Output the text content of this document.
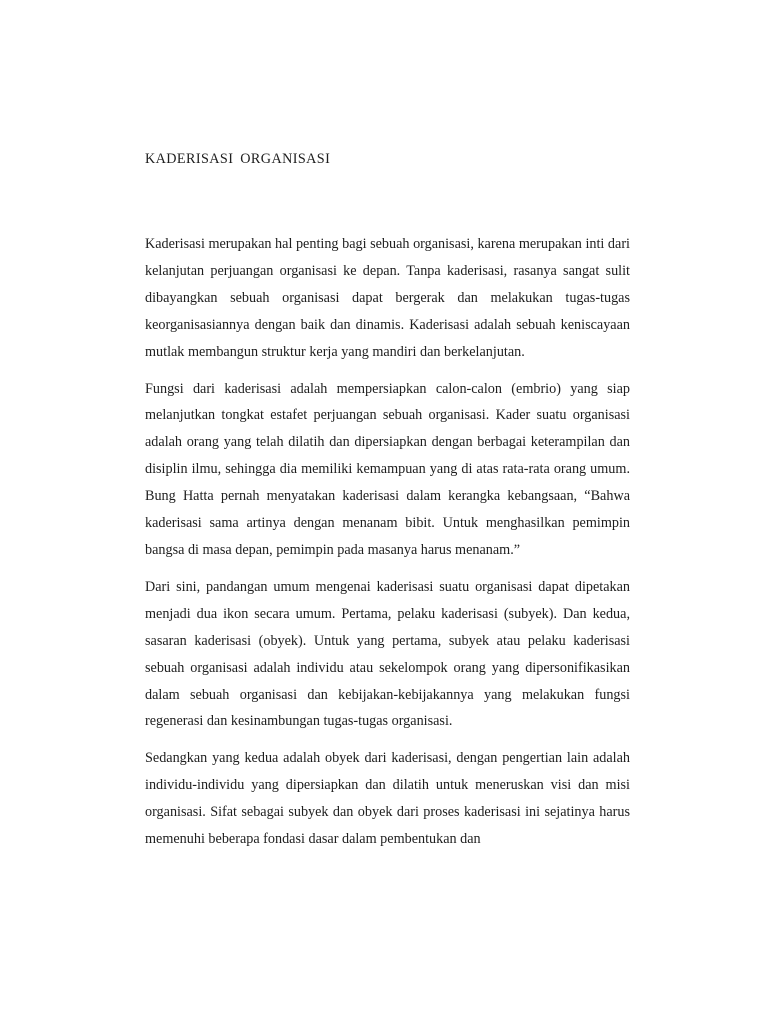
KADERISASI ORGANISASI

Kaderisasi merupakan hal penting bagi sebuah organisasi, karena merupakan inti dari kelanjutan perjuangan organisasi ke depan. Tanpa kaderisasi, rasanya sangat sulit dibayangkan sebuah organisasi dapat bergerak dan melakukan tugas-tugas keorganisasiannya dengan baik dan dinamis. Kaderisasi adalah sebuah keniscayaan mutlak membangun struktur kerja yang mandiri dan berkelanjutan.

Fungsi dari kaderisasi adalah mempersiapkan calon-calon (embrio) yang siap melanjutkan tongkat estafet perjuangan sebuah organisasi. Kader suatu organisasi adalah orang yang telah dilatih dan dipersiapkan dengan berbagai keterampilan dan disiplin ilmu, sehingga dia memiliki kemampuan yang di atas rata-rata orang umum. Bung Hatta pernah menyatakan kaderisasi dalam kerangka kebangsaan, “Bahwa kaderisasi sama artinya dengan menanam bibit. Untuk menghasilkan pemimpin bangsa di masa depan, pemimpin pada masanya harus menanam.”

Dari sini, pandangan umum mengenai kaderisasi suatu organisasi dapat dipetakan menjadi dua ikon secara umum. Pertama, pelaku kaderisasi (subyek). Dan kedua, sasaran kaderisasi (obyek). Untuk yang pertama, subyek atau pelaku kaderisasi sebuah organisasi adalah individu atau sekelompok orang yang dipersonifikasikan dalam sebuah organisasi dan kebijakan-kebijakannya yang melakukan fungsi regenerasi dan kesinambungan tugas-tugas organisasi.

Sedangkan yang kedua adalah obyek dari kaderisasi, dengan pengertian lain adalah individu-individu yang dipersiapkan dan dilatih untuk meneruskan visi dan misi organisasi. Sifat sebagai subyek dan obyek dari proses kaderisasi ini sejatinya harus memenuhi beberapa fondasi dasar dalam pembentukan dan
